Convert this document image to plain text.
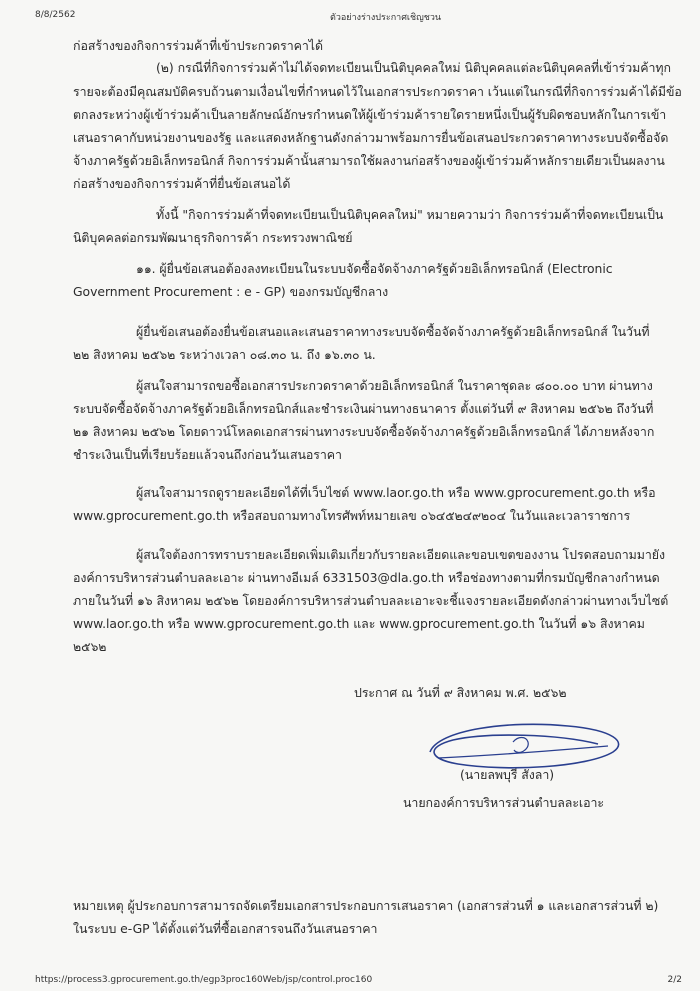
8/8/2562	ตัวอย่างร่างประกาศเชิญชวน
ก่อสร้างของกิจการร่วมค้าที่เข้าประกวดราคาได้
(๒) กรณีที่กิจการร่วมค้าไม่ได้จดทะเบียนเป็นนิติบุคคลใหม่ นิติบุคคลแต่ละนิติบุคคลที่เข้าร่วมค้าทุก
รายจะต้องมีคุณสมบัติครบถ้วนตามเงื่อนไขที่กำหนดไว้ในเอกสารประกวดราคา เว้นแต่ในกรณีที่กิจการร่วมค้าได้มีข้อ
ตกลงระหว่างผู้เข้าร่วมค้าเป็นลายลักษณ์อักษรกำหนดให้ผู้เข้าร่วมค้ารายใดรายหนึ่งเป็นผู้รับผิดชอบหลักในการเข้า
เสนอราคากับหน่วยงานของรัฐ และแสดงหลักฐานดังกล่าวมาพร้อมการยื่นข้อเสนอประกวดราคาทางระบบจัดซื้อจัด
จ้างภาครัฐด้วยอิเล็กทรอนิกส์ กิจการร่วมค้านั้นสามารถใช้ผลงานก่อสร้างของผู้เข้าร่วมค้าหลักรายเดียวเป็นผลงาน
ก่อสร้างของกิจการร่วมค้าที่ยื่นข้อเสนอได้
ทั้งนี้ "กิจการร่วมค้าที่จดทะเบียนเป็นนิติบุคคลใหม่" หมายความว่า กิจการร่วมค้าที่จดทะเบียนเป็น
นิติบุคคลต่อกรมพัฒนาธุรกิจการค้า กระทรวงพาณิชย์
๑๑. ผู้ยื่นข้อเสนอต้องลงทะเบียนในระบบจัดซื้อจัดจ้างภาครัฐด้วยอิเล็กทรอนิกส์ (Electronic
Government Procurement : e - GP) ของกรมบัญชีกลาง
ผู้ยื่นข้อเสนอต้องยื่นข้อเสนอและเสนอราคาทางระบบจัดซื้อจัดจ้างภาครัฐด้วยอิเล็กทรอนิกส์ ในวันที่
๒๒ สิงหาคม ๒๕๖๒ ระหว่างเวลา ๐๘.๓๐ น. ถึง ๑๖.๓๐ น.
ผู้สนใจสามารถขอซื้อเอกสารประกวดราคาด้วยอิเล็กทรอนิกส์ ในราคาชุดละ ๘๐๐.๐๐ บาท ผ่านทาง
ระบบจัดซื้อจัดจ้างภาครัฐด้วยอิเล็กทรอนิกส์และชำระเงินผ่านทางธนาคาร ตั้งแต่วันที่ ๙ สิงหาคม ๒๕๖๒ ถึงวันที่
๒๑ สิงหาคม ๒๕๖๒ โดยดาวน์โหลดเอกสารผ่านทางระบบจัดซื้อจัดจ้างภาครัฐด้วยอิเล็กทรอนิกส์ ได้ภายหลังจาก
ชำระเงินเป็นที่เรียบร้อยแล้วจนถึงก่อนวันเสนอราคา
ผู้สนใจสามารถดูรายละเอียดได้ที่เว็บไซต์ www.laor.go.th หรือ www.gprocurement.go.th หรือ
www.gprocurement.go.th หรือสอบถามทางโทรศัพท์หมายเลข ๐๖๔๕๒๔๙๒๐๔ ในวันและเวลาราชการ
ผู้สนใจต้องการทราบรายละเอียดเพิ่มเติมเกี่ยวกับรายละเอียดและขอบเขตของงาน โปรดสอบถามมายัง
องค์การบริหารส่วนตำบลละเอาะ ผ่านทางอีเมล์ 6331503@dla.go.th หรือช่องทางตามที่กรมบัญชีกลางกำหนด
ภายในวันที่ ๑๖ สิงหาคม ๒๕๖๒ โดยองค์การบริหารส่วนตำบลละเอาะจะชี้แจงรายละเอียดดังกล่าวผ่านทางเว็บไซต์
www.laor.go.th หรือ www.gprocurement.go.th และ www.gprocurement.go.th ในวันที่ ๑๖ สิงหาคม
๒๕๖๒
ประกาศ ณ วันที่ ๙ สิงหาคม พ.ศ. ๒๕๖๒
(นายลพบุรี สังลา)
นายกองค์การบริหารส่วนตำบลละเอาะ
หมายเหตุ ผู้ประกอบการสามารถจัดเตรียมเอกสารประกอบการเสนอราคา (เอกสารส่วนที่ ๑ และเอกสารส่วนที่ ๒)
ในระบบ e-GP ได้ตั้งแต่วันที่ซื้อเอกสารจนถึงวันเสนอราคา
https://process3.gprocurement.go.th/egp3proc160Web/jsp/control.proc160	2/2
